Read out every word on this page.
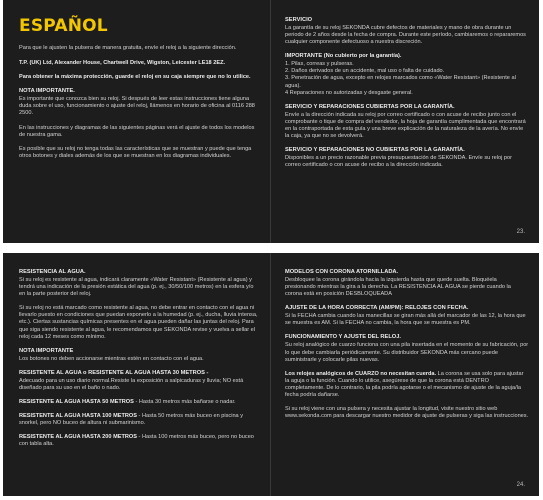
ESPAÑOL

Para que le ajusten la pulsera de manera gratuita, envíe el reloj a la siguiente dirección.

T.P. (UK) Ltd, Alexander House, Chartwell Drive, Wigston, Leicester LE18 2EZ.

Para obtener la máxima protección, guarde el reloj en su caja siempre que no lo utilice.

NOTA IMPORTANTE.

Es importante que conozca bien su reloj. Si después de leer estas instrucciones tiene alguna duda sobre el uso, funcionamiento o ajuste del reloj, llámenos en horario de oficina al 0116 288 2500.

En las instrucciones y diagramas de las siguientes páginas verá el ajuste de todos los modelos de nuestra gama.

Es posible que su reloj no tenga todas las características que se muestran y puede que tenga otros botones y diales además de los que se muestran en los diagramas individuales.

SERVICIO

La garantía de su reloj SEKONDA cubre defectos de materiales y mano de obra durante un periodo de 2 años desde la fecha de compra. Durante este período, cambiaremos o repararemos cualquier componente defectuoso a nuestra discreción.

IMPORTANTE (No cubierto por la garantía).

1. Pilas, correas y pulseras.

2. Daños derivados de un accidente, mal uso o falta de cuidado.

3. Penetración de agua, excepto en relojes marcados como «Water Resistant» (Resistente al agua).

4 Reparaciones no autorizadas y desgaste general.

SERVICIO Y REPARACIONES CUBIERTAS POR LA GARANTÍA.

Envíe a la dirección indicada su reloj por correo certificado o con acuse de recibo junto con el comprobante o tique de compra del vendedor, la hoja de garantía cumplimentada que encontrará en la contraportada de esta guía y una breve explicación de la naturaleza de la avería. No envíe la caja, ya que no se devolverá.

SERVICIO Y REPARACIONES NO CUBIERTAS POR LA GARANTÍA.

Disponibles a un precio razonable previa presupuestación de SEKONDA. Envíe su reloj por correo certificado o con acuse de recibo a la dirección indicada.

23.
RESISTENCIA AL AGUA.

Si su reloj es resistente al agua, indicará claramente «Water Resistant» (Resistente al agua) y tendrá una indicación de la presión estática del agua (p. ej., 30/50/100 metros) en la esfera y/o en la parte posterior del reloj.

Si su reloj no está marcado como resistente al agua, no debe entrar en contacto con el agua ni llevarlo puesto en condiciones que puedan exponerlo a la humedad (p. ej., ducha, lluvia intensa, etc.). Ciertas sustancias químicas presentes en el agua pueden dañar las juntas del reloj. Para que siga siendo resistente al agua, le recomendamos que SEKONDA revise y vuelva a sellar el reloj cada 12 meses como mínimo.

NOTA IMPORTANTE

Los botones no deben accionarse mientras estén en contacto con el agua.

RESISTENTE AL AGUA o RESISTENTE AL AGUA HASTA 30 METROS -

Adecuado para un uso diario normal.Resiste la exposición a salpicaduras y lluvia; NO está diseñado para su uso en el baño o nado.

RESISTENTE AL AGUA HASTA 50 METROS - Hasta 30 metros más bañarse o nadar.

RESISTENTE AL AGUA HASTA 100 METROS - Hasta 50 metros más buceo en piscina y snorkel, pero NO buceo de altura ni submarinismo.

RESISTENTE AL AGUA HASTA 200 METROS - Hasta 100 metros más buceo, pero no buceo con tabla alta.

MODELOS CON CORONA ATORNILLADA.

Desbloquee la corona girándola hacia la izquierda hasta que quede suelta. Bloquéela presionando mientras la gira a la derecha. La RESISTENCIA AL AGUA se pierde cuando la corona está en posición DESBLOQUEADA

AJUSTE DE LA HORA CORRECTA (AM/PM): RELOJES CON FECHA.

Si la FECHA cambia cuando las manecillas se giran más allá del marcador de las 12, la hora que se muestra es AM. Si la FECHA no cambia, la hora que se muestra es PM.

FUNCIONAMIENTO Y AJUSTE DEL RELOJ.

Su reloj analógico de cuarzo funciona con una pila insertada en el momento de su fabricación, por lo que debe cambiarla periódicamente. Su distribuidor SEKONDA más cercano puede suministrarle y colocarle pilas nuevas.

Los relojes analógicos de CUARZO no necesitan cuerda. La corona se usa solo para ajustar la aguja o la función. Cuando lo utilice, asegúrese de que la corona está DENTRO completamente. De lo contrario, la pila podría agotarse o el mecanismo de ajuste de la aguja/la fecha podría dañarse.

Si su reloj viene con una pulsera y necesita ajustar la longitud, visite nuestro sitio web www.sekonda.com para descargar nuestro medidor de ajuste de pulseras y siga las instrucciones.

24.
